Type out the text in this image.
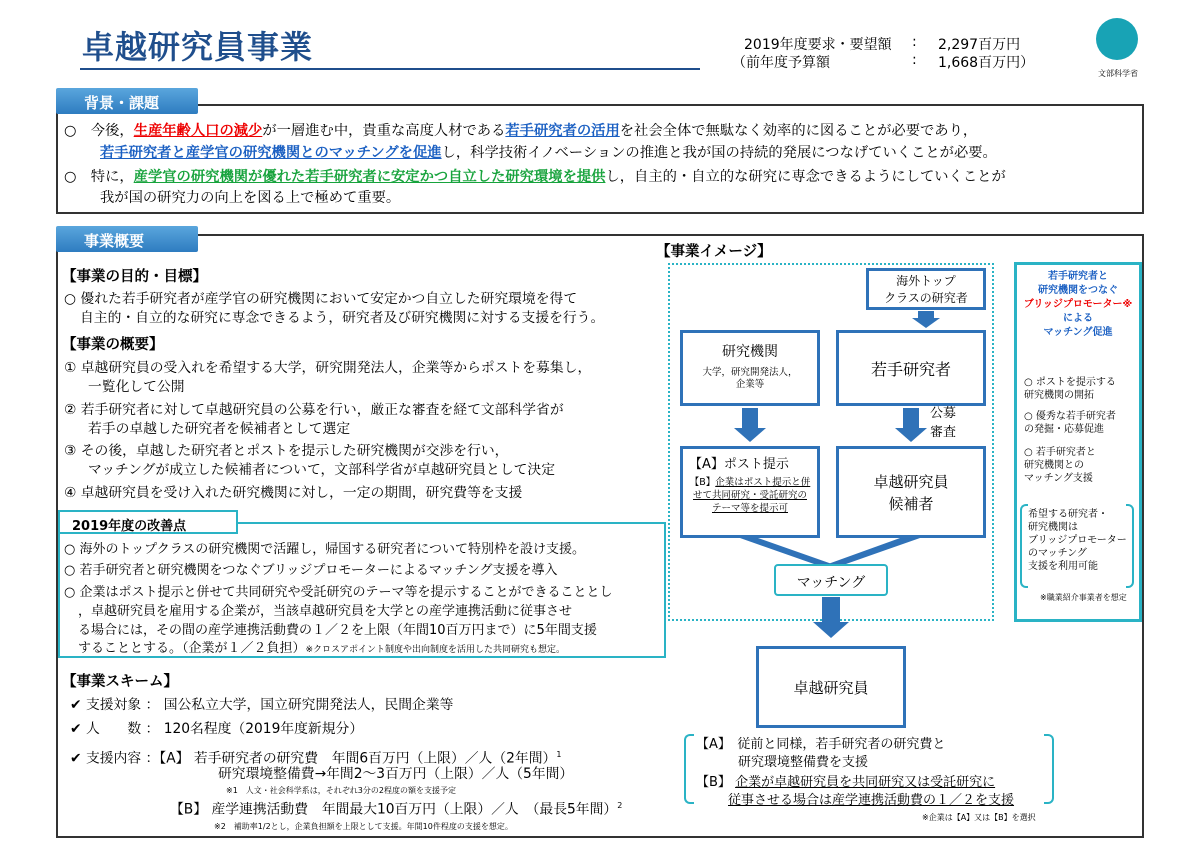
卓越研究員事業	2019年度要求・要望額 : 2,297百万円
（前年度予算額	: 1,668百万円）
文部科学省
背景・課題
○　今後，生産年齢人口の減少が一層進む中，貴重な高度人材である若手研究者の活用を社会全体で無駄なく効率的に図ることが必要であり，
若手研究者と産学官の研究機関とのマッチングを促進し，科学技術イノベーションの推進と我が国の持続的発展につなげていくことが必要。
○　特に，産学官の研究機関が優れた若手研究者に安定かつ自立した研究環境を提供し，自主的・自立的な研究に専念できるようにしていくことが
我が国の研究力の向上を図る上で極めて重要。
事業概要
【事業の目的・目標】
○ 優れた若手研究者が産学官の研究機関において安定かつ自立した研究環境を得て
自主的・自立的な研究に専念できるよう，研究者及び研究機関に対する支援を行う。
【事業の概要】
① 卓越研究員の受入れを希望する大学，研究開発法人，企業等からポストを募集し，
一覧化して公開
② 若手研究者に対して卓越研究員の公募を行い，厳正な審査を経て文部科学省が
若手の卓越した研究者を候補者として選定
③ その後，卓越した研究者とポストを提示した研究機関が交渉を行い，
マッチングが成立した候補者について，文部科学省が卓越研究員として決定
④ 卓越研究員を受け入れた研究機関に対し，一定の期間，研究費等を支援
2019年度の改善点
○ 海外のトップクラスの研究機関で活躍し，帰国する研究者について特別枠を設け支援。
○ 若手研究者と研究機関をつなぐブリッジプロモーターによるマッチング支援を導入
○ 企業はポスト提示と併せて共同研究や受託研究のテーマ等を提示することができることとし
，卓越研究員を雇用する企業が，当該卓越研究員を大学との産学連携活動に従事させ
る場合には，その間の産学連携活動費の１／２を上限（年間10百万円まで）に5年間支援
することとする。（企業が１／２負担）※クロスアポイント制度や出向制度を活用した共同研究も想定。
【事業スキーム】
✔ 支援対象 ： 国公私立大学，国立研究開発法人，民間企業等
✔ 人　　数 ： 120名程度（2019年度新規分）
✔ 支援内容 ：【A】 若手研究者の研究費　年間6百万円（上限）／人（2年間）$^1$
研究環境整備費→年間2～3百万円（上限）／人（5年間）
※1　人文・社会科学系は，それぞれ3分の2程度の額を支援予定
【B】 産学連携活動費　年間最大10百万円（上限）／人　（最長5年間）$^2$
※2　補助率1/2とし，企業負担額を上限として支援。年間10件程度の支援を想定。
【事業イメージ】
海外トップ
クラスの研究者
研究機関
大学，研究開発法人，
企業等
若手研究者
公募
審査
【A】ポスト提示
【B】企業はポスト提示と併せて共同研究・受託研究のテーマ等を提示可
卓越研究員
候補者
マッチング
卓越研究員
【A】　従前と同様，若手研究者の研究費と
研究環境整備費を支援
【B】 企業が卓越研究員を共同研究又は受託研究に
従事させる場合は産学連携活動費の１／２を支援
※企業は【A】又は【B】を選択
若手研究者と
研究機関をつなぐ
ブリッジプロモーター※
による
マッチング促進
○ ポストを提示する
研究機関の開拓
○ 優秀な若手研究者
の発掘・応募促進
○ 若手研究者と
研究機関との
マッチング支援
希望する研究者・
研究機関は
ブリッジプロモーター
のマッチング
支援を利用可能
※職業紹介事業者を想定
